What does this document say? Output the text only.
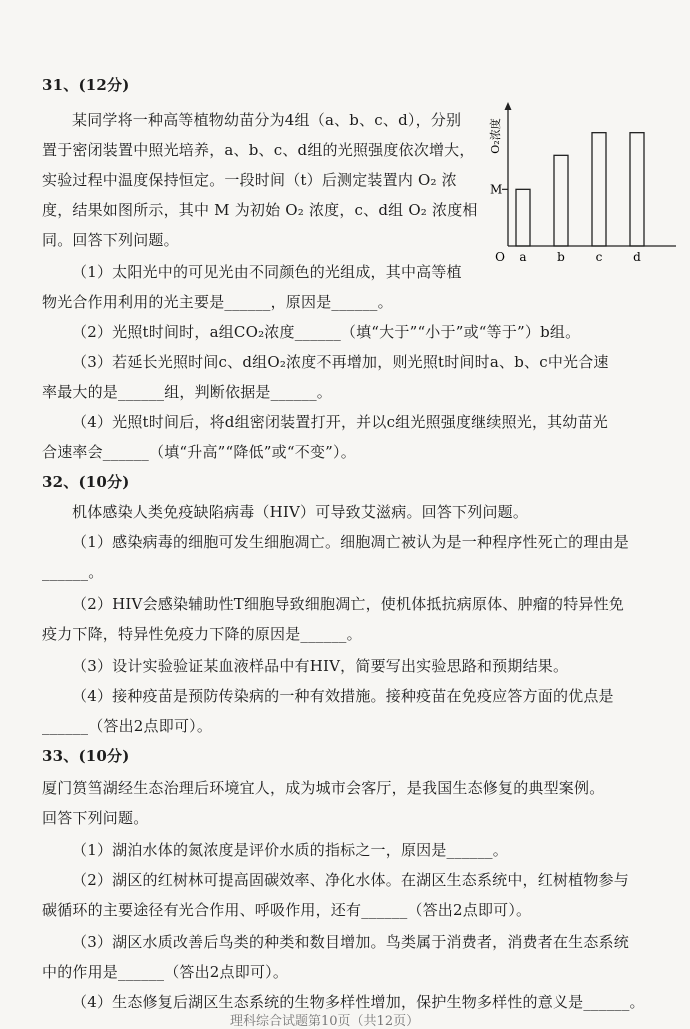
31、(12分)
某同学将一种高等植物幼苗分为4组（a、b、c、d），分别
置于密闭装置中照光培养，a、b、c、d组的光照强度依次增大，
实验过程中温度保持恒定。一段时间（t）后测定装置内 O₂ 浓
度，结果如图所示，其中 M 为初始 O₂ 浓度，c、d组 O₂ 浓度相
同。回答下列问题。
O₂浓度
O
M
a	b	c	d
（1）太阳光中的可见光由不同颜色的光组成，其中高等植
物光合作用利用的光主要是______，原因是______。
（2）光照t时间时，a组CO₂浓度______（填“大于”“小于”或“等于”）b组。
（3）若延长光照时间c、d组O₂浓度不再增加，则光照t时间时a、b、c中光合速
率最大的是______组，判断依据是______。
（4）光照t时间后，将d组密闭装置打开，并以c组光照强度继续照光，其幼苗光
合速率会______（填“升高”“降低”或“不变”）。
32、(10分)
机体感染人类免疫缺陷病毒（HIV）可导致艾滋病。回答下列问题。
（1）感染病毒的细胞可发生细胞凋亡。细胞凋亡被认为是一种程序性死亡的理由是
______。
（2）HIV会感染辅助性T细胞导致细胞凋亡，使机体抵抗病原体、肿瘤的特异性免
疫力下降，特异性免疫力下降的原因是______。
（3）设计实验验证某血液样品中有HIV，简要写出实验思路和预期结果。
（4）接种疫苗是预防传染病的一种有效措施。接种疫苗在免疫应答方面的优点是
______（答出2点即可）。
33、(10分)
厦门筼筜湖经生态治理后环境宜人，成为城市会客厅，是我国生态修复的典型案例。
回答下列问题。
（1）湖泊水体的氮浓度是评价水质的指标之一，原因是______。
（2）湖区的红树林可提高固碳效率、净化水体。在湖区生态系统中，红树植物参与
碳循环的主要途径有光合作用、呼吸作用，还有______（答出2点即可）。
（3）湖区水质改善后鸟类的种类和数目增加。鸟类属于消费者，消费者在生态系统
中的作用是______（答出2点即可）。
（4）生态修复后湖区生态系统的生物多样性增加，保护生物多样性的意义是______。
理科综合试题第10页（共12页）
